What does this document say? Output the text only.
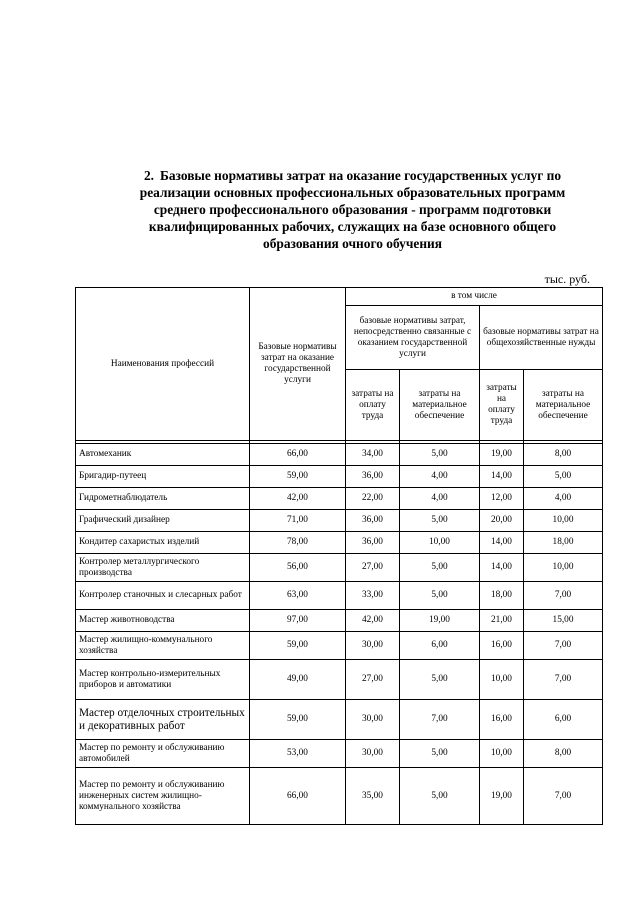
2. Базовые нормативы затрат на оказание государственных услуг по
реализации основных профессиональных образовательных программ
среднего профессионального образования - программ подготовки
квалифицированных рабочих, служащих на базе основного общего
образования очного обучения
тыс. руб.
Наименования профессий	Базовые нормативы затрат на оказание государственной услуги	в том числе			
		базовые нормативы затрат, непосредственно связанные с оказанием государственной услуги		базовые нормативы затрат на общехозяйственные нужды	
		затраты на оплату труда	затраты на материальное обеспечение	затраты на оплату труда	затраты на материальное обеспечение

Автомеханик	66,00	34,00	5,00	19,00	8,00
Бригадир-путеец	59,00	36,00	4,00	14,00	5,00
Гидрометнаблюдатель	42,00	22,00	4,00	12,00	4,00
Графический дизайнер	71,00	36,00	5,00	20,00	10,00
Кондитер сахаристых изделий	78,00	36,00	10,00	14,00	18,00
Контролер металлургического производства	56,00	27,00	5,00	14,00	10,00
Контролер станочных и слесарных работ	63,00	33,00	5,00	18,00	7,00
Мастер животноводства	97,00	42,00	19,00	21,00	15,00
Мастер жилищно-коммунального хозяйства	59,00	30,00	6,00	16,00	7,00
Мастер контрольно-измерительных приборов и автоматики	49,00	27,00	5,00	10,00	7,00
Мастер отделочных строительных и декоративных работ	59,00	30,00	7,00	16,00	6,00
Мастер по ремонту и обслуживанию автомобилей	53,00	30,00	5,00	10,00	8,00
Мастер по ремонту и обслуживанию инженерных систем жилищно-коммунального хозяйства	66,00	35,00	5,00	19,00	7,00
